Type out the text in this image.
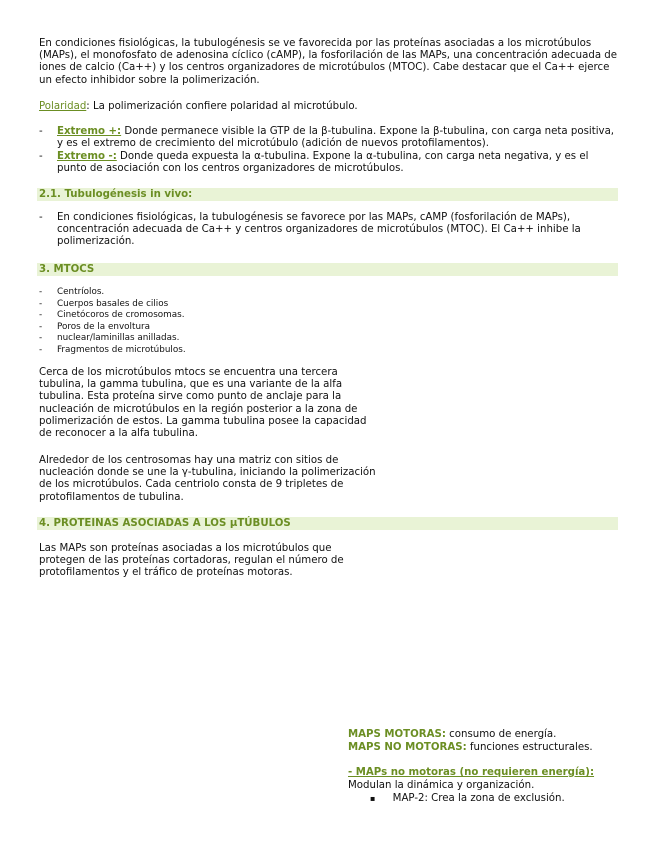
En condiciones fisiológicas, la tubulogénesis se ve favorecida por las proteínas asociadas a los microtúbulos (MAPs), el monofosfato de adenosina cíclico (cAMP), la fosforilación de las MAPs, una concentración adecuada de iones de calcio (Ca++) y los centros organizadores de microtúbulos (MTOC). Cabe destacar que el Ca++ ejerce un efecto inhibidor sobre la polimerización.

Polaridad: La polimerización confiere polaridad al microtúbulo.

- Extremo +: Donde permanece visible la GTP de la β-tubulina. Expone la β-tubulina, con carga neta positiva, y es el extremo de crecimiento del microtúbulo (adición de nuevos protofilamentos).
- Extremo -: Donde queda expuesta la α-tubulina. Expone la α-tubulina, con carga neta negativa, y es el punto de asociación con los centros organizadores de microtúbulos.
2.1. Tubulogénesis in vivo:
- En condiciones fisiológicas, la tubulogénesis se favorece por las MAPs, cAMP (fosforilación de MAPs), concentración adecuada de Ca++ y centros organizadores de microtúbulos (MTOC). El Ca++ inhibe la polimerización.
3. MTOCS
- Centríolos.
- Cuerpos basales de cilios
- Cinetócoros de cromosomas.
- Poros de la envoltura
- nuclear/laminillas anilladas.
- Fragmentos de microtúbulos.

Cerca de los microtúbulos mtocs se encuentra una tercera tubulina, la gamma tubulina, que es una variante de la alfa tubulina. Esta proteína sirve como punto de anclaje para la nucleación de microtúbulos en la región posterior a la zona de polimerización de estos. La gamma tubulina posee la capacidad de reconocer a la alfa tubulina.

Alrededor de los centrosomas hay una matriz con sitios de nucleación donde se une la γ-tubulina, iniciando la polimerización de los microtúbulos. Cada centriolo consta de 9 tripletes de protofilamentos de tubulina.

4. PROTEINAS ASOCIADAS A LOS µTÚBULOS

Las MAPs son proteínas asociadas a los microtúbulos que protegen de las proteínas cortadoras, regulan el número de protofilamentos y el tráfico de proteínas motoras.

MAPS MOTORAS: consumo de energía.
MAPS NO MOTORAS: funciones estructurales.
- MAPs no motoras (no requieren energía):
Modulan la dinámica y organización.
▪ MAP-2: Crea la zona de exclusión.
